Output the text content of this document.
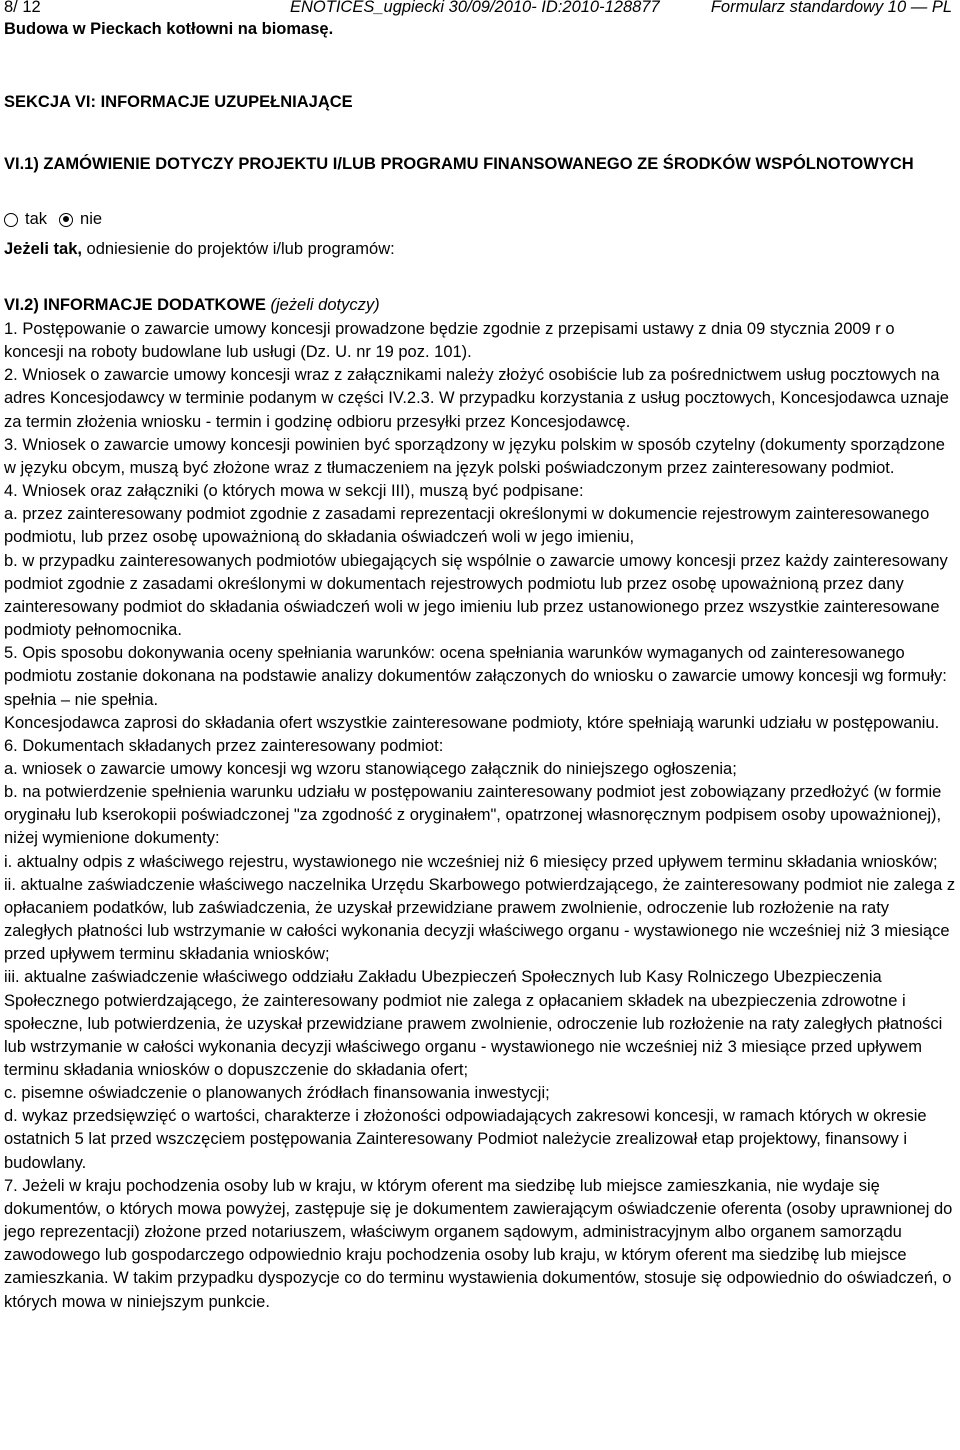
8/ 12	ENOTICES_ugpiecki 30/09/2010- ID:2010-128877	Formularz standardowy 10 — PL
Budowa w Pieckach kotłowni na biomasę.
SEKCJA VI: INFORMACJE UZUPEŁNIAJĄCE
VI.1) ZAMÓWIENIE DOTYCZY PROJEKTU I/LUB PROGRAMU FINANSOWANEGO ZE ŚRODKÓW WSPÓLNOTOWYCH
tak nie
Jeżeli tak, odniesienie do projektów i/lub programów:
VI.2) INFORMACJE DODATKOWE (jeżeli dotyczy)

1. Postępowanie o zawarcie umowy koncesji prowadzone będzie zgodnie z przepisami ustawy z dnia 09 stycznia 2009 r o koncesji na roboty budowlane lub usługi (Dz. U. nr 19 poz. 101).

2. Wniosek o zawarcie umowy koncesji wraz z załącznikami należy złożyć osobiście lub za pośrednictwem usług pocztowych na adres Koncesjodawcy w terminie podanym w części IV.2.3. W przypadku korzystania z usług pocztowych, Koncesjodawca uznaje za termin złożenia wniosku - termin i godzinę odbioru przesyłki przez Koncesjodawcę.

3. Wniosek o zawarcie umowy koncesji powinien być sporządzony w języku polskim w sposób czytelny (dokumenty sporządzone w języku obcym, muszą być złożone wraz z tłumaczeniem na język polski poświadczonym przez zainteresowany podmiot.

4. Wniosek oraz załączniki (o których mowa w sekcji III), muszą być podpisane:

a. przez zainteresowany podmiot zgodnie z zasadami reprezentacji określonymi w dokumencie rejestrowym zainteresowanego podmiotu, lub przez osobę upoważnioną do składania oświadczeń woli w jego imieniu,

b. w przypadku zainteresowanych podmiotów ubiegających się wspólnie o zawarcie umowy koncesji przez każdy zainteresowany podmiot zgodnie z zasadami określonymi w dokumentach rejestrowych podmiotu lub przez osobę upoważnioną przez dany zainteresowany podmiot do składania oświadczeń woli w jego imieniu lub przez ustanowionego przez wszystkie zainteresowane podmioty pełnomocnika.

5. Opis sposobu dokonywania oceny spełniania warunków: ocena spełniania warunków wymaganych od zainteresowanego podmiotu zostanie dokonana na podstawie analizy dokumentów załączonych do wniosku o zawarcie umowy koncesji wg formuły: spełnia – nie spełnia.

Koncesjodawca zaprosi do składania ofert wszystkie zainteresowane podmioty, które spełniają warunki udziału w postępowaniu.

6. Dokumentach składanych przez zainteresowany podmiot:

a. wniosek o zawarcie umowy koncesji wg wzoru stanowiącego załącznik do niniejszego ogłoszenia;

b. na potwierdzenie spełnienia warunku udziału w postępowaniu zainteresowany podmiot jest zobowiązany przedłożyć (w formie oryginału lub kserokopii poświadczonej "za zgodność z oryginałem", opatrzonej własnoręcznym podpisem osoby upoważnionej), niżej wymienione dokumenty:

i. aktualny odpis z właściwego rejestru, wystawionego nie wcześniej niż 6 miesięcy przed upływem terminu składania wniosków;

ii. aktualne zaświadczenie właściwego naczelnika Urzędu Skarbowego potwierdzającego, że zainteresowany podmiot nie zalega z opłacaniem podatków, lub zaświadczenia, że uzyskał przewidziane prawem zwolnienie, odroczenie lub rozłożenie na raty zaległych płatności lub wstrzymanie w całości wykonania decyzji właściwego organu - wystawionego nie wcześniej niż 3 miesiące przed upływem terminu składania wniosków;

iii. aktualne zaświadczenie właściwego oddziału Zakładu Ubezpieczeń Społecznych lub Kasy Rolniczego Ubezpieczenia Społecznego potwierdzającego, że zainteresowany podmiot nie zalega z opłacaniem składek na ubezpieczenia zdrowotne i społeczne, lub potwierdzenia, że uzyskał przewidziane prawem zwolnienie, odroczenie lub rozłożenie na raty zaległych płatności lub wstrzymanie w całości wykonania decyzji właściwego organu - wystawionego nie wcześniej niż 3 miesiące przed upływem terminu składania wniosków o dopuszczenie do składania ofert;

c. pisemne oświadczenie o planowanych źródłach finansowania inwestycji;

d. wykaz przedsięwzięć o wartości, charakterze i złożoności odpowiadających zakresowi koncesji, w ramach których w okresie ostatnich 5 lat przed wszczęciem postępowania Zainteresowany Podmiot należycie zrealizował etap projektowy, finansowy i budowlany.

7. Jeżeli w kraju pochodzenia osoby lub w kraju, w którym oferent ma siedzibę lub miejsce zamieszkania, nie wydaje się dokumentów, o których mowa powyżej, zastępuje się je dokumentem zawierającym oświadczenie oferenta (osoby uprawnionej do jego reprezentacji) złożone przed notariuszem, właściwym organem sądowym, administracyjnym albo organem samorządu zawodowego lub gospodarczego odpowiednio kraju pochodzenia osoby lub kraju, w którym oferent ma siedzibę lub miejsce zamieszkania. W takim przypadku dyspozycje co do terminu wystawienia dokumentów, stosuje się odpowiednio do oświadczeń, o których mowa w niniejszym punkcie.
